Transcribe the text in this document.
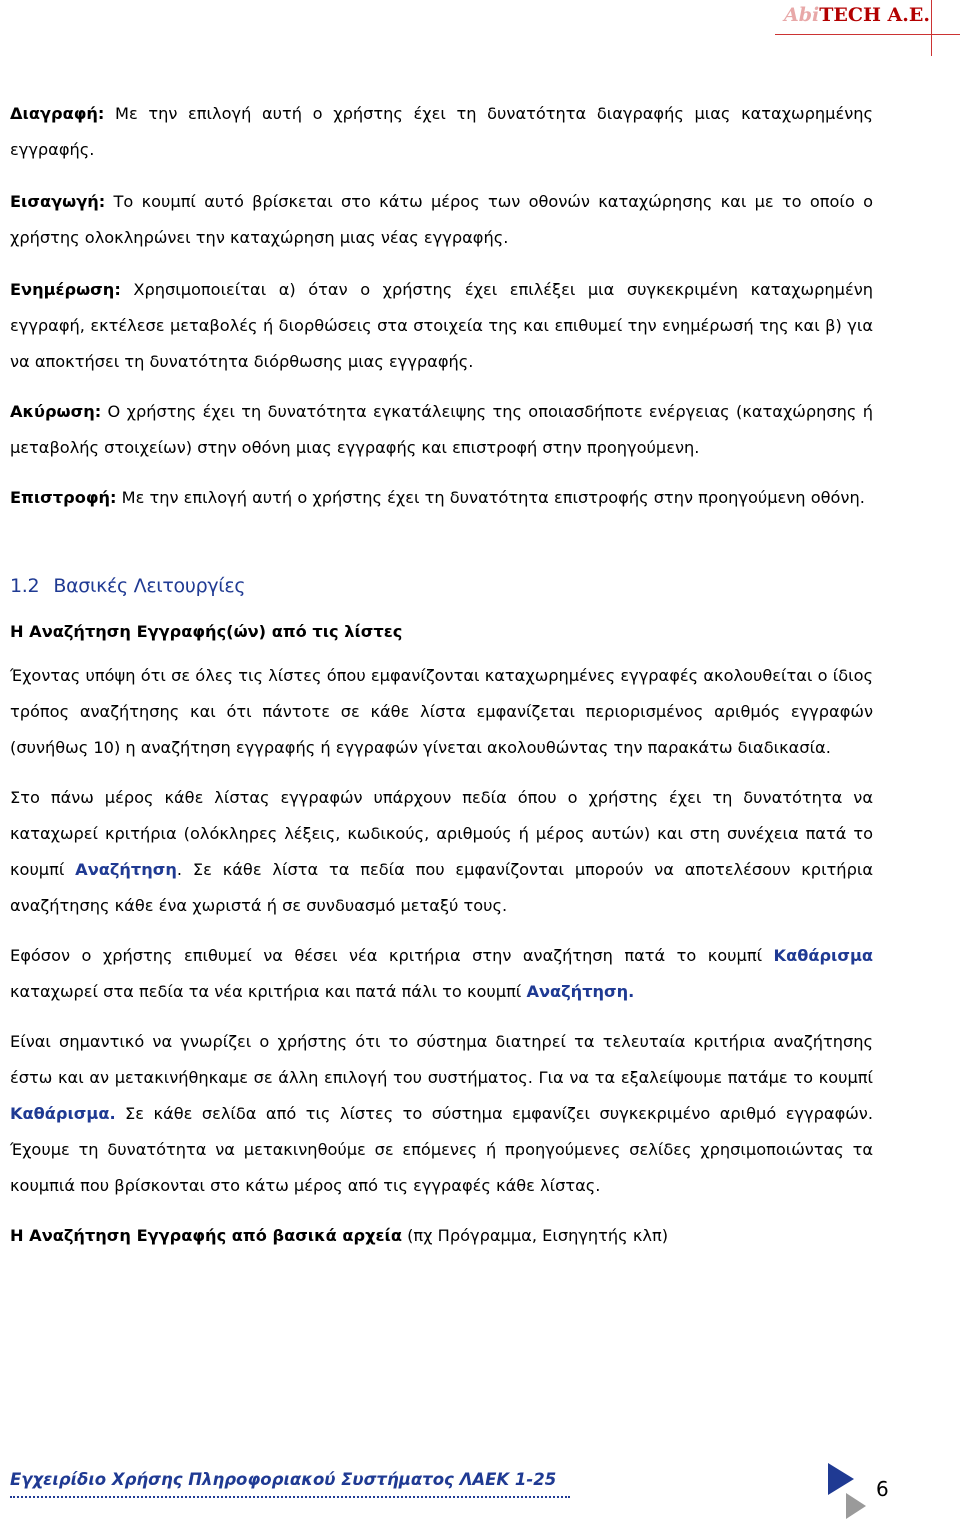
AbiTECH A.E.

Διαγραφή: Με την επιλογή αυτή ο χρήστης έχει τη δυνατότητα διαγραφής μιας καταχωρημένης εγγραφής.

Εισαγωγή: Το κουμπί αυτό βρίσκεται στο κάτω μέρος των οθονών καταχώρησης και με το οποίο ο χρήστης ολοκληρώνει την καταχώρηση μιας νέας εγγραφής.

Ενημέρωση: Χρησιμοποιείται α) όταν ο χρήστης έχει επιλέξει μια συγκεκριμένη καταχωρημένη εγγραφή, εκτέλεσε μεταβολές ή διορθώσεις στα στοιχεία της και επιθυμεί την ενημέρωσή της και β) για να αποκτήσει τη δυνατότητα διόρθωσης μιας εγγραφής.

Ακύρωση: Ο χρήστης έχει τη δυνατότητα εγκατάλειψης της οποιασδήποτε ενέργειας (καταχώρησης ή μεταβολής στοιχείων) στην οθόνη μιας εγγραφής και επιστροφή στην προηγούμενη.

Επιστροφή: Με την επιλογή αυτή ο χρήστης έχει τη δυνατότητα επιστροφής στην προηγούμενη οθόνη.

1.2 Βασικές Λειτουργίες
Η Αναζήτηση Εγγραφής(ών) από τις λίστες

Έχοντας υπόψη ότι σε όλες τις λίστες όπου εμφανίζονται καταχωρημένες εγγραφές ακολουθείται ο ίδιος τρόπος αναζήτησης και ότι πάντοτε σε κάθε λίστα εμφανίζεται περιορισμένος αριθμός εγγραφών (συνήθως 10) η αναζήτηση εγγραφής ή εγγραφών γίνεται ακολουθώντας την παρακάτω διαδικασία.

Στο πάνω μέρος κάθε λίστας εγγραφών υπάρχουν πεδία όπου ο χρήστης έχει τη δυνατότητα να καταχωρεί κριτήρια (ολόκληρες λέξεις, κωδικούς, αριθμούς ή μέρος αυτών) και στη συνέχεια πατά το κουμπί Αναζήτηση. Σε κάθε λίστα τα πεδία που εμφανίζονται μπορούν να αποτελέσουν κριτήρια αναζήτησης κάθε ένα χωριστά ή σε συνδυασμό μεταξύ τους.

Εφόσον ο χρήστης επιθυμεί να θέσει νέα κριτήρια στην αναζήτηση πατά το κουμπί Καθάρισμα καταχωρεί στα πεδία τα νέα κριτήρια και πατά πάλι το κουμπί Αναζήτηση.

Είναι σημαντικό να γνωρίζει ο χρήστης ότι το σύστημα διατηρεί τα τελευταία κριτήρια αναζήτησης έστω και αν μετακινήθηκαμε σε άλλη επιλογή του συστήματος. Για να τα εξαλείψουμε πατάμε το κουμπί Καθάρισμα. Σε κάθε σελίδα από τις λίστες το σύστημα εμφανίζει συγκεκριμένο αριθμό εγγραφών. Έχουμε τη δυνατότητα να μετακινηθούμε σε επόμενες ή προηγούμενες σελίδες χρησιμοποιώντας τα κουμπιά που βρίσκονται στο κάτω μέρος από τις εγγραφές κάθε λίστας.

Η Αναζήτηση Εγγραφής από βασικά αρχεία (πχ Πρόγραμμα, Εισηγητής κλπ)

Εγχειρίδιο Χρήσης Πληροφοριακού Συστήματος ΛΑΕΚ 1-25	6
